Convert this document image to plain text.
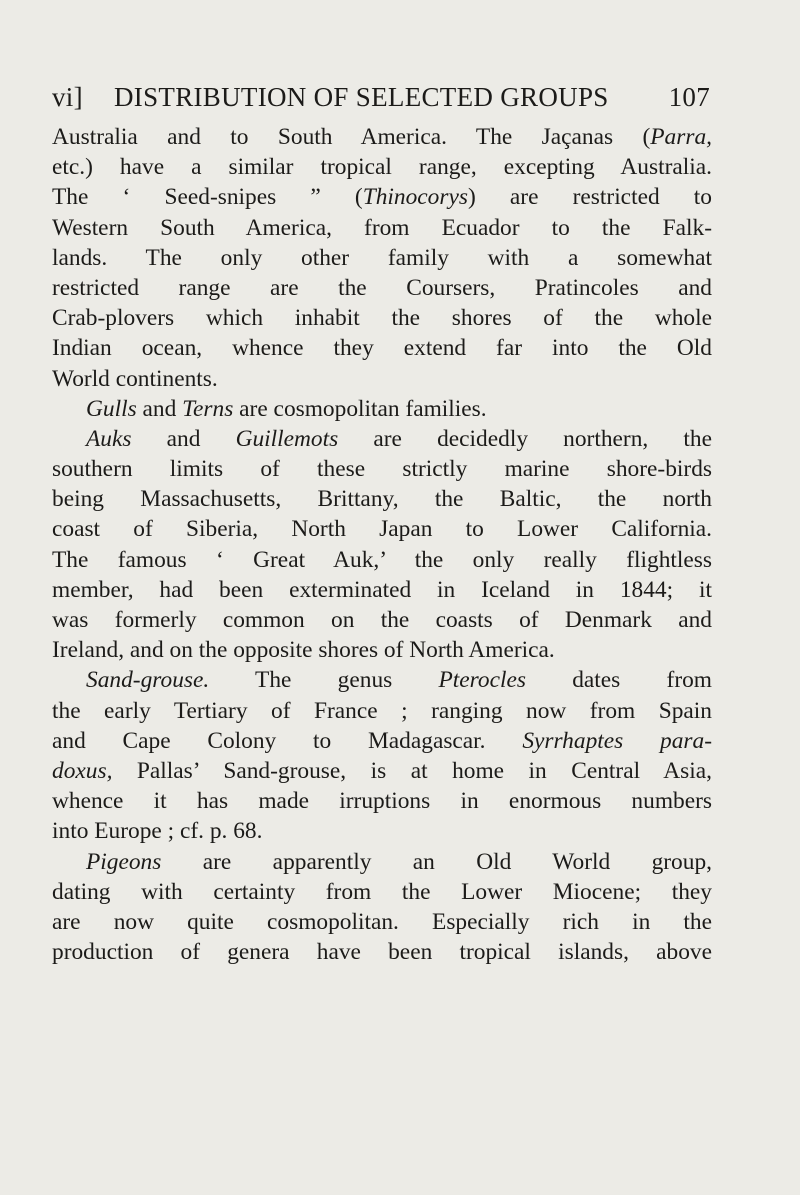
vi] DISTRIBUTION OF SELECTED GROUPS 107
Australia and to South America. The Jaçanas (Parra,
etc.) have a similar tropical range, excepting Australia.
The ‘ Seed-snipes ” (Thinocorys) are restricted to
Western South America, from Ecuador to the Falk-
lands. The only other family with a somewhat
restricted range are the Coursers, Pratincoles and
Crab-plovers which inhabit the shores of the whole
Indian ocean, whence they extend far into the Old
World continents.
Gulls and Terns are cosmopolitan families.
Auks and Guillemots are decidedly northern, the
southern limits of these strictly marine shore-birds
being Massachusetts, Brittany, the Baltic, the north
coast of Siberia, North Japan to Lower California.
The famous ‘ Great Auk,’ the only really flightless
member, had been exterminated in Iceland in 1844; it
was formerly common on the coasts of Denmark and
Ireland, and on the opposite shores of North America.
Sand-grouse. The genus Pterocles dates from
the early Tertiary of France ; ranging now from Spain
and Cape Colony to Madagascar. Syrrhaptes para-
doxus, Pallas’ Sand-grouse, is at home in Central Asia,
whence it has made irruptions in enormous numbers
into Europe ; cf. p. 68.
Pigeons are apparently an Old World group,
dating with certainty from the Lower Miocene; they
are now quite cosmopolitan. Especially rich in the
production of genera have been tropical islands, above
